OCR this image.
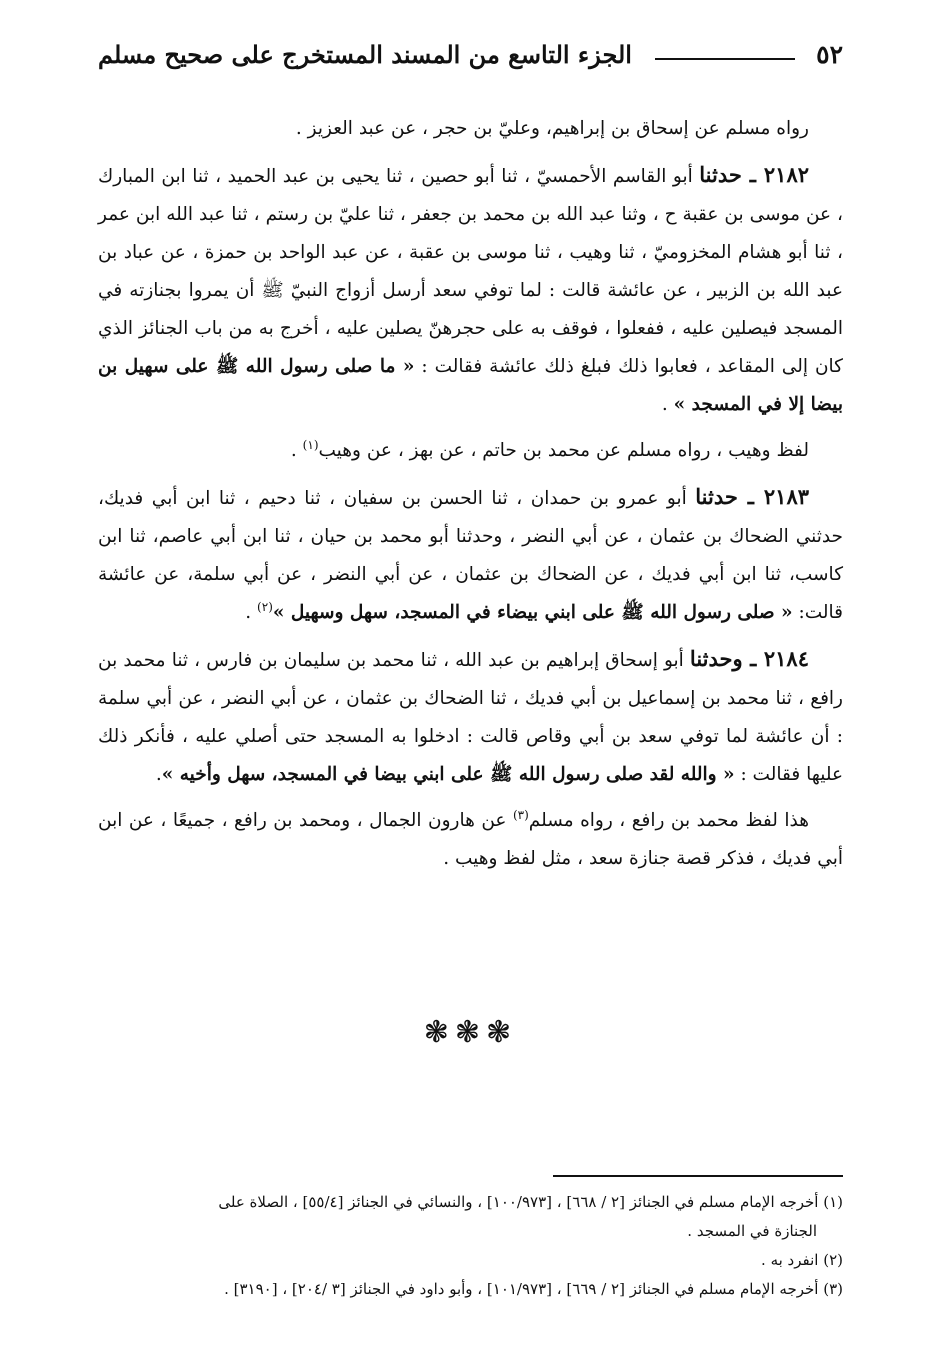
٥٢
الجزء التاسع من المسند المستخرج على صحيح مسلم

رواه مسلم عن إسحاق بن إبراهيم، وعليّ بن حجر ، عن عبد العزيز .

٢١٨٢ ـ حدثنا أبو القاسم الأحمسيّ ، ثنا أبو حصين ، ثنا يحيى بن عبد الحميد ، ثنا ابن المبارك ، عن موسى بن عقبة ح ، وثنا عبد الله بن محمد بن جعفر ، ثنا عليّ بن رستم ، ثنا عبد الله ابن عمر ، ثنا أبو هشام المخزوميّ ، ثنا وهيب ، ثنا موسى بن عقبة ، عن عبد الواحد بن حمزة ، عن عباد بن عبد الله بن الزبير ، عن عائشة قالت : لما توفي سعد أرسل أزواج النبيّ ﷺ أن يمروا بجنازته في المسجد فيصلين عليه ، ففعلوا ، فوقف به على حجرهنّ يصلين عليه ، أخرج به من باب الجنائز الذي كان إلى المقاعد ، فعابوا ذلك فبلغ ذلك عائشة فقالت : « ما صلى رسول الله ﷺ على سهيل بن بيضا إلا في المسجد » .

لفظ وهيب ، رواه مسلم عن محمد بن حاتم ، عن بهز ، عن وهيب$^{(١)}$ .

٢١٨٣ ـ حدثنا أبو عمرو بن حمدان ، ثنا الحسن بن سفيان ، ثنا دحيم ، ثنا ابن أبي فديك، حدثني الضحاك بن عثمان ، عن أبي النضر ، وحدثنا أبو محمد بن حيان ، ثنا ابن أبي عاصم، ثنا ابن كاسب، ثنا ابن أبي فديك ، عن الضحاك بن عثمان ، عن أبي النضر ، عن أبي سلمة، عن عائشة قالت: « صلى رسول الله ﷺ على ابني بيضاء في المسجد، سهل وسهيل »$^{(٢)}$ .

٢١٨٤ ـ وحدثنا أبو إسحاق إبراهيم بن عبد الله ، ثنا محمد بن سليمان بن فارس ، ثنا محمد بن رافع ، ثنا محمد بن إسماعيل بن أبي فديك ، ثنا الضحاك بن عثمان ، عن أبي النضر ، عن أبي سلمة : أن عائشة لما توفي سعد بن أبي وقاص قالت : ادخلوا به المسجد حتى أصلي عليه ، فأنكر ذلك عليها فقالت : « والله لقد صلى رسول الله ﷺ على ابني بيضا في المسجد، سهل وأخيه ».

هذا لفظ محمد بن رافع ، رواه مسلم$^{(٣)}$ عن هارون الجمال ، ومحمد بن رافع ، جميعًا ، عن ابن أبي فديك ، فذكر قصة جنازة سعد ، مثل لفظ وهيب .

❃❃❃

(١) أخرجه الإمام مسلم في الجنائز [٢ / ٦٦٨] ، [١٠٠/٩٧٣] ، والنسائي في الجنائز [٥٥/٤] ، الصلاة على
الجنازة في المسجد .

(٢) انفرد به .

(٣) أخرجه الإمام مسلم في الجنائز [٢ / ٦٦٩] ، [١٠١/٩٧٣] ، وأبو داود في الجنائز [٣ /٢٠٤] ، [٣١٩٠] .
